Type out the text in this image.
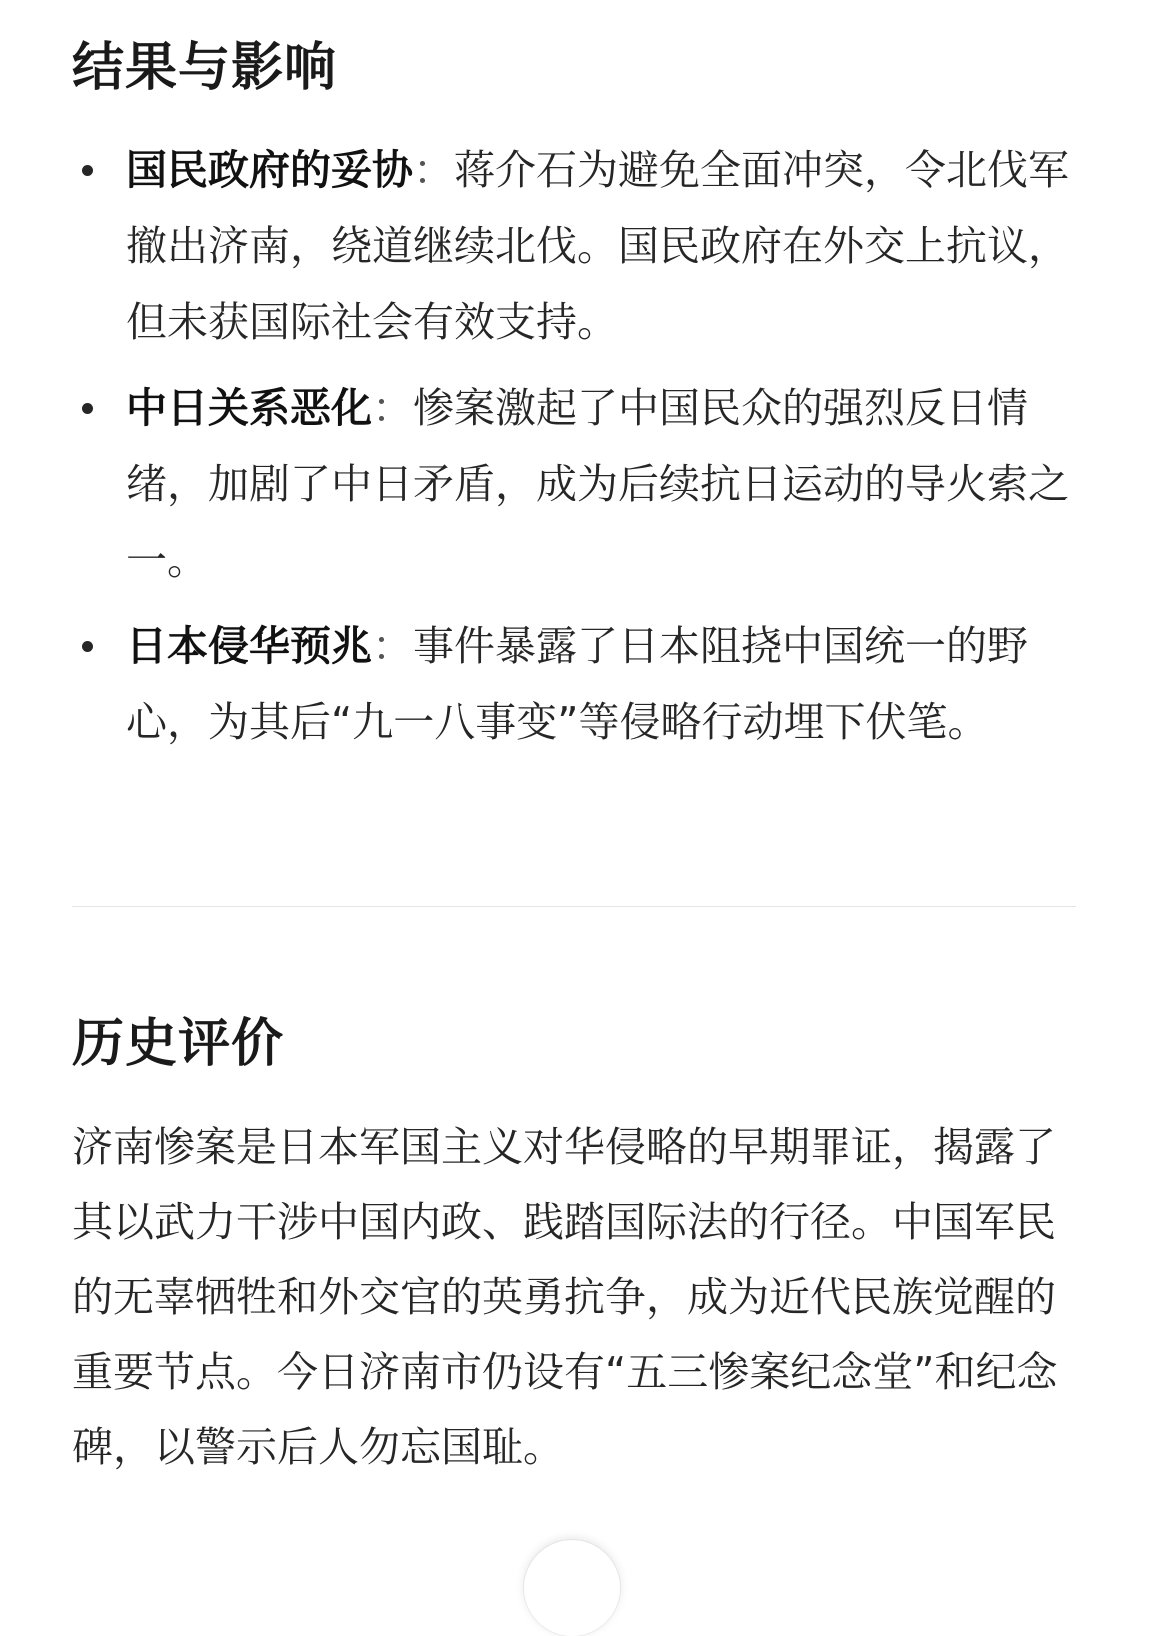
结果与影响
国民政府的妥协：蒋介石为避免全面冲突，令北伐军撤出济南，绕道继续北伐。国民政府在外交上抗议，但未获国际社会有效支持。
中日关系恶化：惨案激起了中国民众的强烈反日情绪，加剧了中日矛盾，成为后续抗日运动的导火索之一。
日本侵华预兆：事件暴露了日本阻挠中国统一的野心，为其后“九一八事变”等侵略行动埋下伏笔。
历史评价

济南惨案是日本军国主义对华侵略的早期罪证，揭露了其以武力干涉中国内政、践踏国际法的行径。中国军民的无辜牺牲和外交官的英勇抗争，成为近代民族觉醒的重要节点。今日济南市仍设有“五三惨案纪念堂”和纪念碑，以警示后人勿忘国耻。
